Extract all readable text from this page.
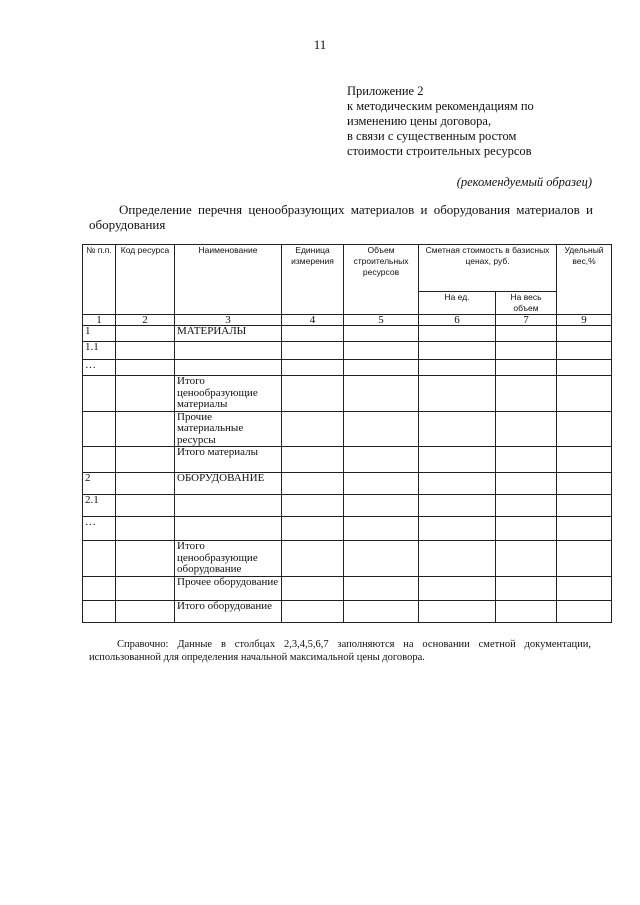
11
Приложение 2
к методическим рекомендациям по
изменению цены договора,
в связи с существенным ростом
стоимости строительных ресурсов
(рекомендуемый образец)
Определение перечня ценообразующих материалов и оборудования материалов и оборудования
№ п.п.	Код ресурса	Наименование	Единица измерения	Объем строительных ресурсов	Сметная стоимость в базисных ценах, руб.		Удельный вес,%
					На ед.	На весь объем	
1	2	3	4	5	6	7	9
1		МАТЕРИАЛЫ					
1.1							
…							
		Итого ценообразующие материалы					
		Прочие материальные ресурсы					
		Итого материалы					
2		ОБОРУДОВАНИЕ					
2.1							
…							
		Итого ценообразующие оборудование					
		Прочее оборудование					
		Итого оборудование					
Справочно: Данные в столбцах 2,3,4,5,6,7 заполняются на основании сметной документации, использованной для определения начальной максимальной цены договора.
